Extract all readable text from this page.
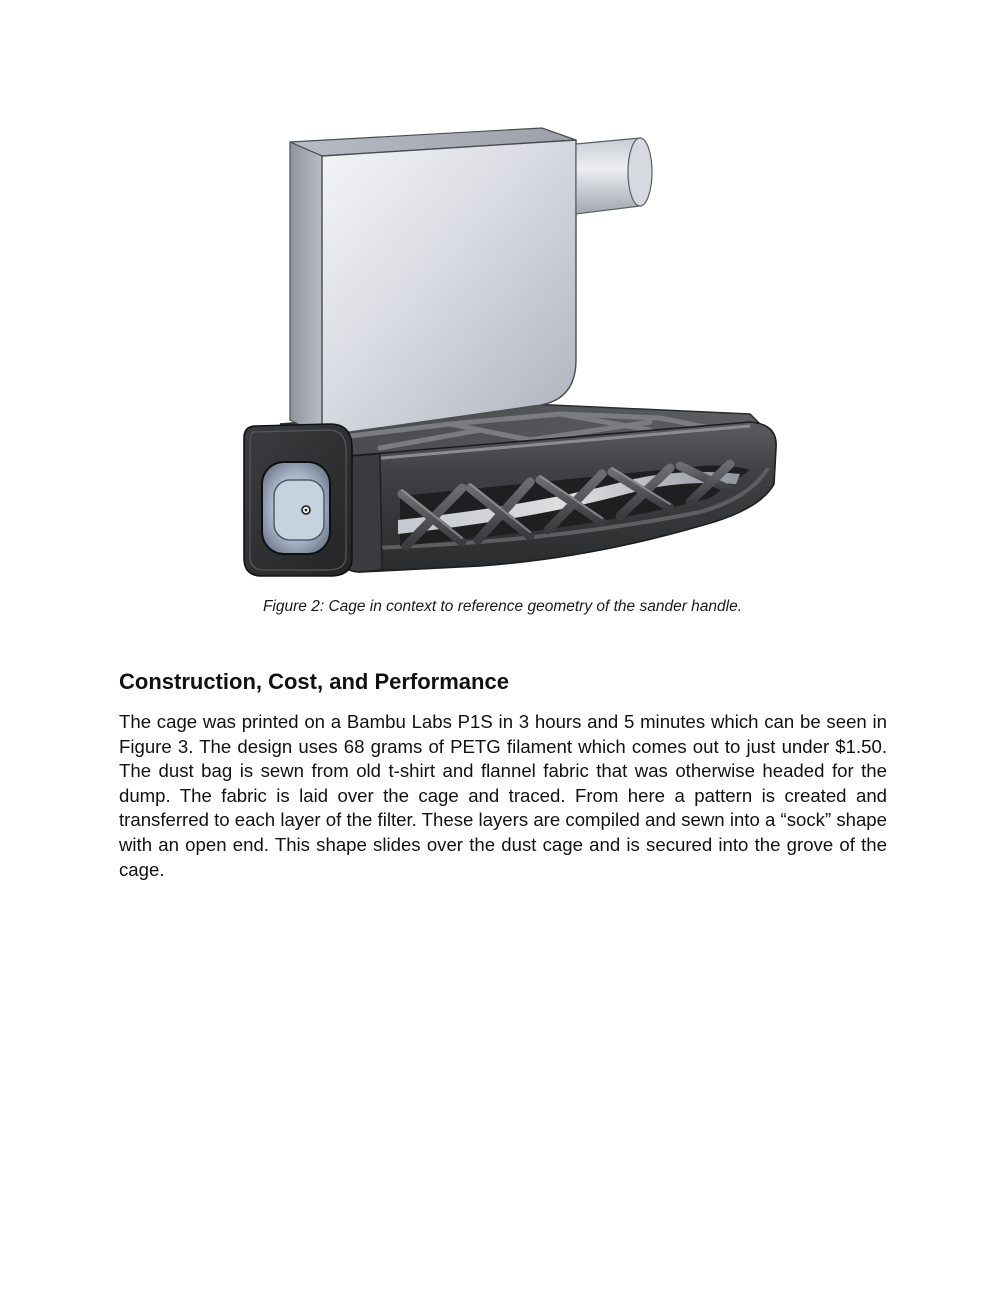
Figure 2: Cage in context to reference geometry of the sander handle.
Construction, Cost, and Performance

The cage was printed on a Bambu Labs P1S in 3 hours and 5 minutes which can be seen in Figure 3. The design uses 68 grams of PETG filament which comes out to just under $1.50. The dust bag is sewn from old t-shirt and flannel fabric that was otherwise headed for the dump. The fabric is laid over the cage and traced. From here a pattern is created and transferred to each layer of the filter. These layers are compiled and sewn into a “sock” shape with an open end. This shape slides over the dust cage and is secured into the grove of the cage.
